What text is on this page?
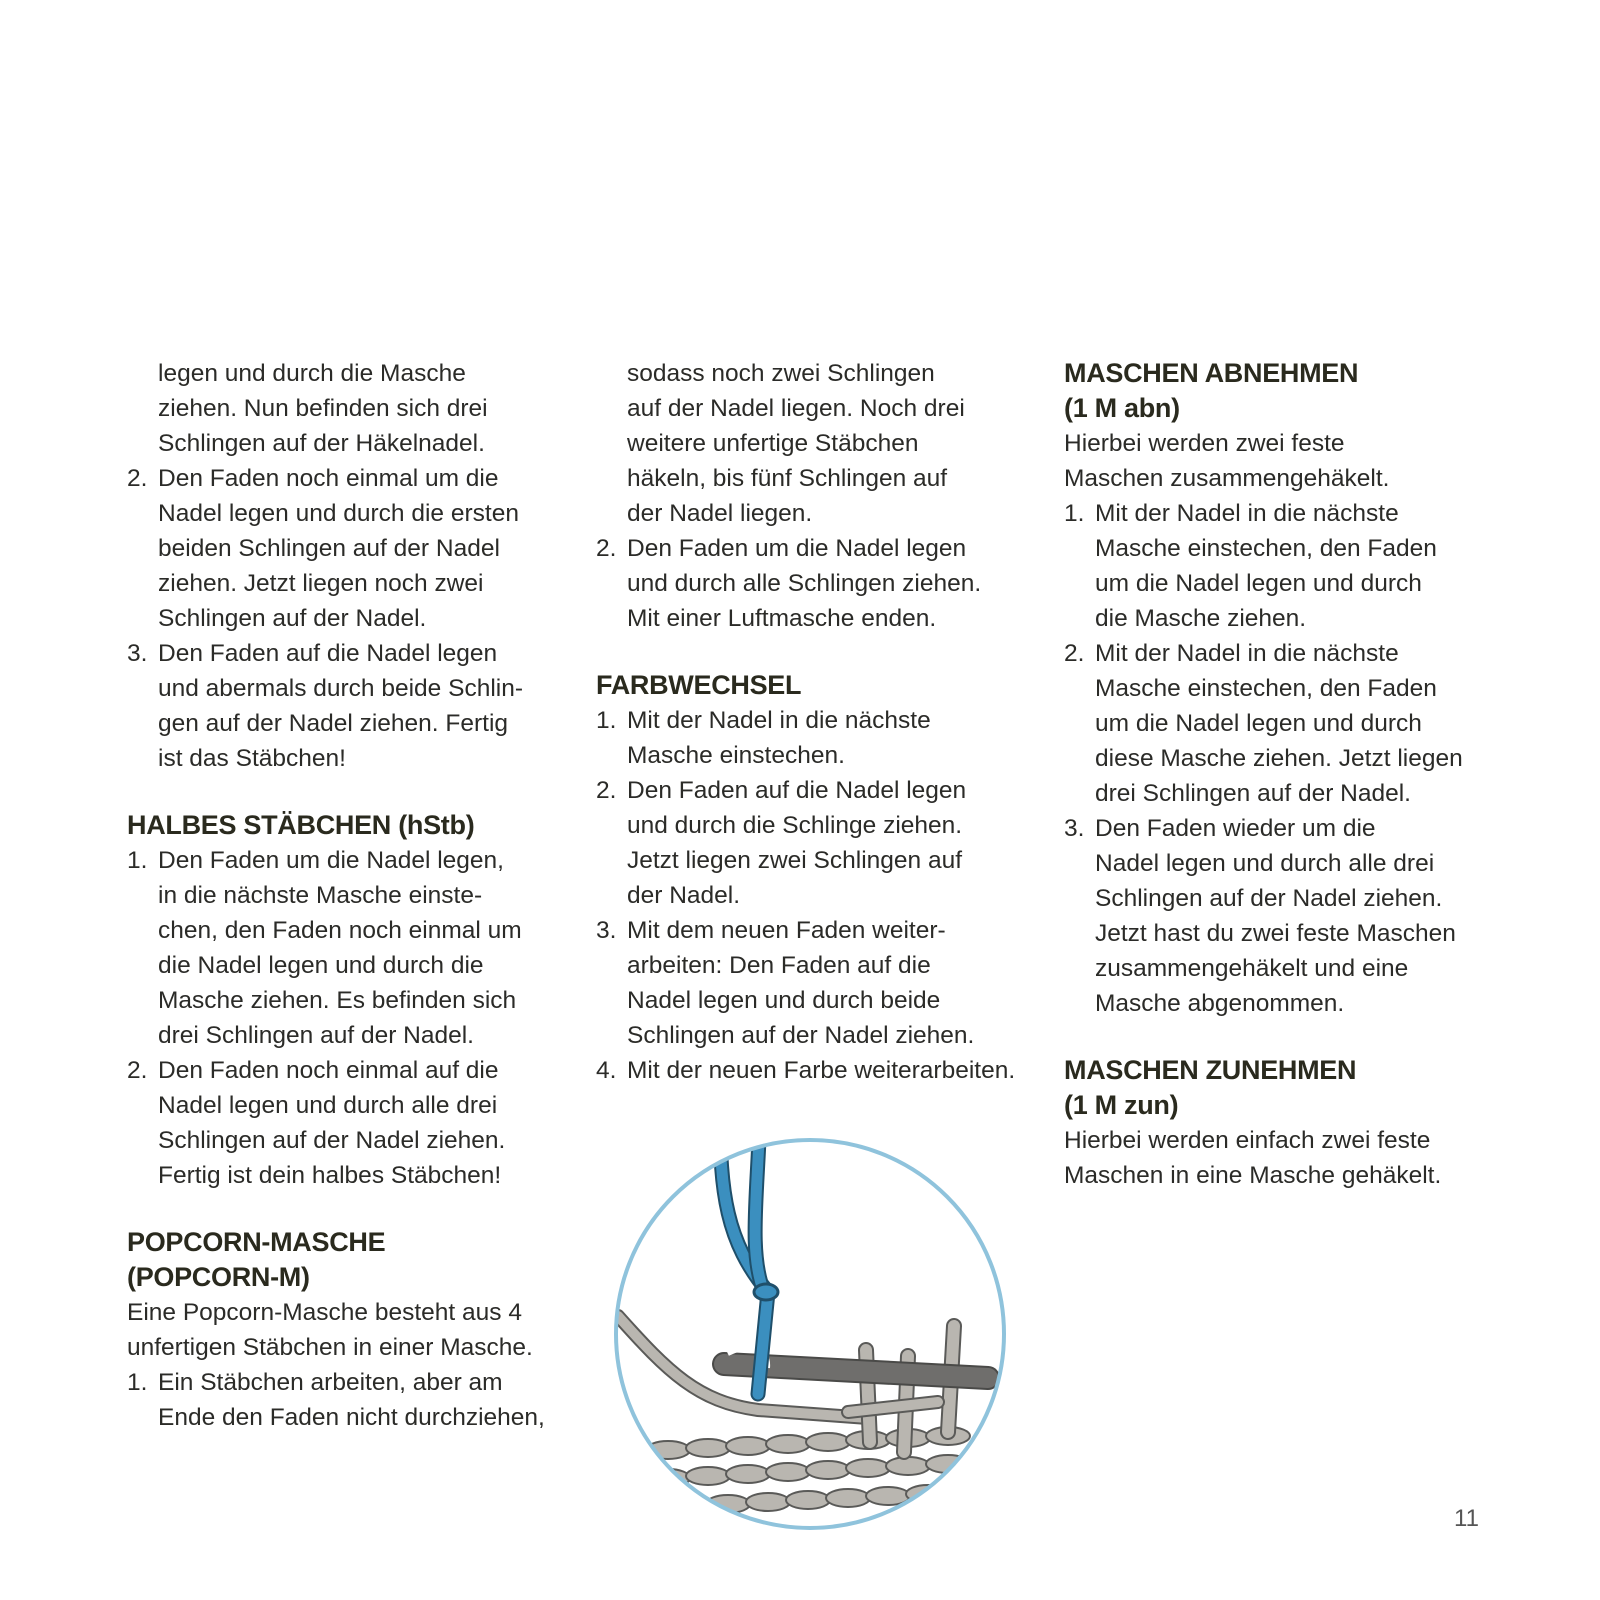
legen und durch die Masche

ziehen. Nun befinden sich drei

Schlingen auf der Häkelnadel.

2. Den Faden noch einmal um die

Nadel legen und durch die ersten

beiden Schlingen auf der Nadel

ziehen. Jetzt liegen noch zwei

Schlingen auf der Nadel.

3. Den Faden auf die Nadel legen

und abermals durch beide Schlin-

gen auf der Nadel ziehen. Fertig

ist das Stäbchen!

HALBES STÄBCHEN (hStb)

1. Den Faden um die Nadel legen,

in die nächste Masche einste-

chen, den Faden noch einmal um

die Nadel legen und durch die

Masche ziehen. Es befinden sich

drei Schlingen auf der Nadel.

2. Den Faden noch einmal auf die

Nadel legen und durch alle drei

Schlingen auf der Nadel ziehen.

Fertig ist dein halbes Stäbchen!

POPCORN-MASCHE

(POPCORN-M)

Eine Popcorn-Masche besteht aus 4

unfertigen Stäbchen in einer Masche.

1. Ein Stäbchen arbeiten, aber am

Ende den Faden nicht durchziehen,

sodass noch zwei Schlingen

auf der Nadel liegen. Noch drei

weitere unfertige Stäbchen

häkeln, bis fünf Schlingen auf

der Nadel liegen.

2. Den Faden um die Nadel legen

und durch alle Schlingen ziehen.

Mit einer Luftmasche enden.

FARBWECHSEL

1. Mit der Nadel in die nächste

Masche einstechen.

2. Den Faden auf die Nadel legen

und durch die Schlinge ziehen.

Jetzt liegen zwei Schlingen auf

der Nadel.

3. Mit dem neuen Faden weiter-

arbeiten: Den Faden auf die

Nadel legen und durch beide

Schlingen auf der Nadel ziehen.

4. Mit der neuen Farbe weiterarbeiten.

MASCHEN ABNEHMEN

(1 M abn)

Hierbei werden zwei feste

Maschen zusammengehäkelt.

1. Mit der Nadel in die nächste

Masche einstechen, den Faden

um die Nadel legen und durch

die Masche ziehen.

2. Mit der Nadel in die nächste

Masche einstechen, den Faden

um die Nadel legen und durch

diese Masche ziehen. Jetzt liegen

drei Schlingen auf der Nadel.

3. Den Faden wieder um die

Nadel legen und durch alle drei

Schlingen auf der Nadel ziehen.

Jetzt hast du zwei feste Maschen

zusammengehäkelt und eine

Masche abgenommen.

MASCHEN ZUNEHMEN

(1 M zun)

Hierbei werden einfach zwei feste

Maschen in eine Masche gehäkelt.

11
